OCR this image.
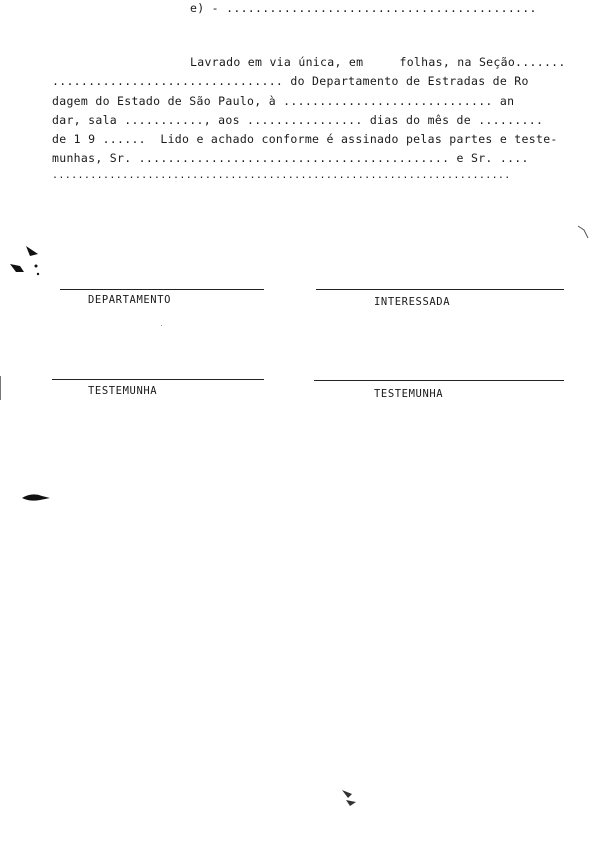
e) - ...........................................
Lavrado em via única, em     folhas, na Seção.......
................................ do Departamento de Estradas de Ro
dagem do Estado de São Paulo, à ............................. an
dar, sala ..........., aos ................ dias do mês de .........
de 1 9 ......  Lido e achado conforme é assinado pelas partes e teste-
munhas, Sr. ........................................... e Sr. ....
........................................................................
DEPARTAMENTO	INTERESSADA
TESTEMUNHA	TESTEMUNHA
